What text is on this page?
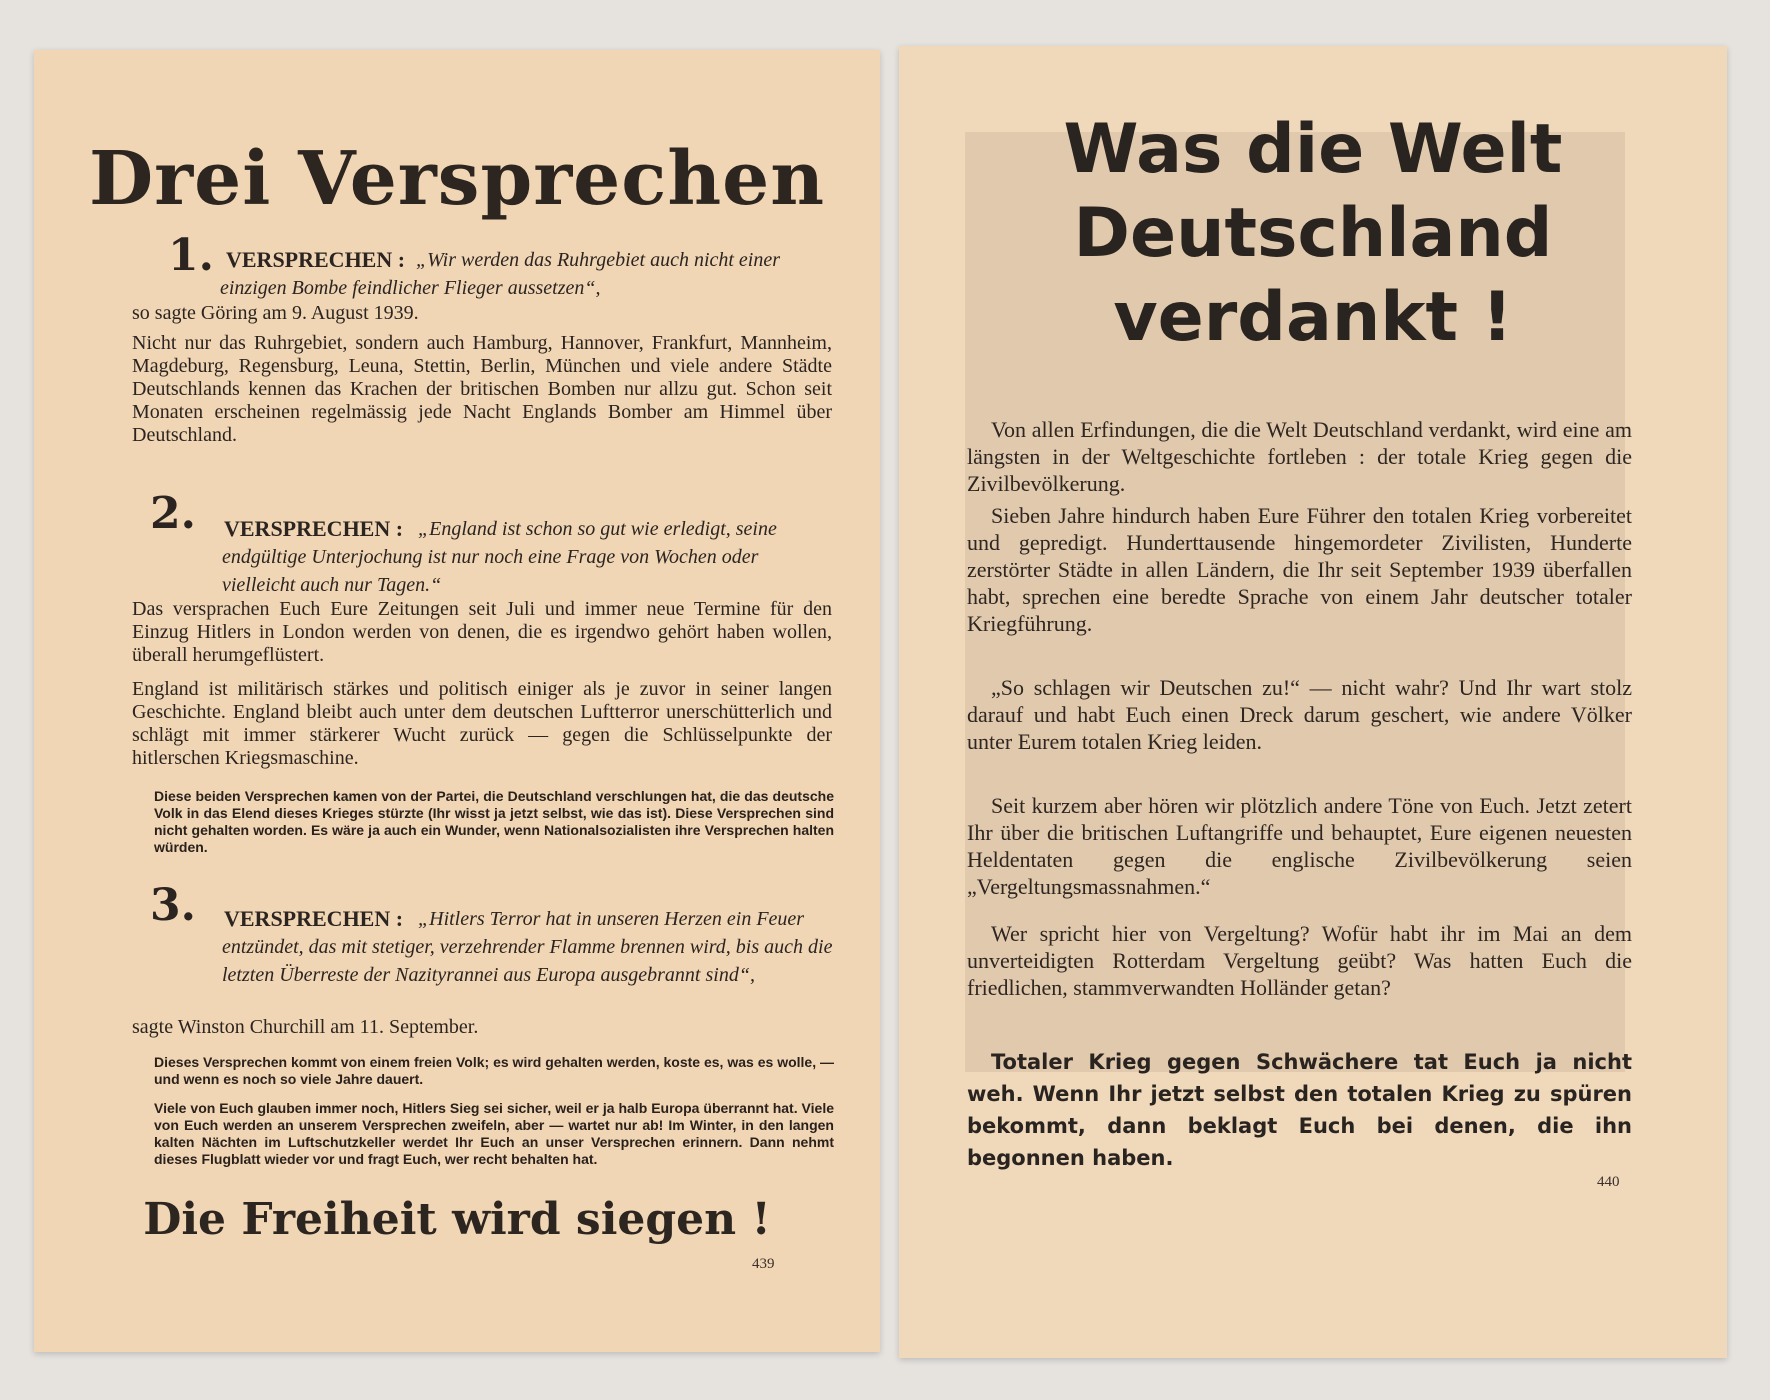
Drei Versprechen
1. VERSPRECHEN : „Wir werden das Ruhrgebiet auch nicht einer einzigen Bombe feindlicher Flieger aussetzen“,
so sagte Göring am 9. August 1939.
Nicht nur das Ruhrgebiet, sondern auch Hamburg, Hannover, Frankfurt, Mannheim, Magdeburg, Regensburg, Leuna, Stettin, Berlin, München und viele andere Städte Deutschlands kennen das Krachen der britischen Bomben nur allzu gut. Schon seit Monaten erscheinen regelmässig jede Nacht Englands Bomber am Himmel über Deutschland.
2. VERSPRECHEN : „England ist schon so gut wie erledigt, seine endgültige Unterjochung ist nur noch eine Frage von Wochen oder vielleicht auch nur Tagen.“
Das versprachen Euch Eure Zeitungen seit Juli und immer neue Termine für den Einzug Hitlers in London werden von denen, die es irgendwo gehört haben wollen, überall herumgeflüstert.
England ist militärisch stärkes und politisch einiger als je zuvor in seiner langen Geschichte. England bleibt auch unter dem deutschen Luftterror unerschütterlich und schlägt mit immer stärkerer Wucht zurück — gegen die Schlüsselpunkte der hitlerschen Kriegsmaschine.
Diese beiden Versprechen kamen von der Partei, die Deutschland verschlungen hat, die das deutsche Volk in das Elend dieses Krieges stürzte (Ihr wisst ja jetzt selbst, wie das ist). Diese Versprechen sind nicht gehalten worden. Es wäre ja auch ein Wunder, wenn Nationalsozialisten ihre Versprechen halten würden.
3. VERSPRECHEN : „Hitlers Terror hat in unseren Herzen ein Feuer entzündet, das mit stetiger, verzehrender Flamme brennen wird, bis auch die letzten Überreste der Nazityrannei aus Europa ausgebrannt sind“,
sagte Winston Churchill am 11. September.
Dieses Versprechen kommt von einem freien Volk; es wird gehalten werden, koste es, was es wolle, — und wenn es noch so viele Jahre dauert.
Viele von Euch glauben immer noch, Hitlers Sieg sei sicher, weil er ja halb Europa überrannt hat. Viele von Euch werden an unserem Versprechen zweifeln, aber — wartet nur ab! Im Winter, in den langen kalten Nächten im Luftschutzkeller werdet Ihr Euch an unser Versprechen erinnern. Dann nehmt dieses Flugblatt wieder vor und fragt Euch, wer recht behalten hat.
Die Freiheit wird siegen !
439
Was die Welt
Deutschland
verdankt !
Von allen Erfindungen, die die Welt Deutschland verdankt, wird eine am längsten in der Weltgeschichte fortleben : der totale Krieg gegen die Zivilbevölkerung.
Sieben Jahre hindurch haben Eure Führer den totalen Krieg vorbereitet und gepredigt. Hunderttausende hingemordeter Zivilisten, Hunderte zerstörter Städte in allen Ländern, die Ihr seit September 1939 überfallen habt, sprechen eine beredte Sprache von einem Jahr deutscher totaler Kriegführung.
„So schlagen wir Deutschen zu!“ — nicht wahr? Und Ihr wart stolz darauf und habt Euch einen Dreck darum geschert, wie andere Völker unter Eurem totalen Krieg leiden.
Seit kurzem aber hören wir plötzlich andere Töne von Euch. Jetzt zetert Ihr über die britischen Luftangriffe und behauptet, Eure eigenen neuesten Heldentaten gegen die englische Zivilbevölkerung seien „Vergeltungsmassnahmen.“
Wer spricht hier von Vergeltung? Wofür habt ihr im Mai an dem unverteidigten Rotterdam Vergeltung geübt? Was hatten Euch die friedlichen, stammverwandten Holländer getan?
Totaler Krieg gegen Schwächere tat Euch ja nicht weh. Wenn Ihr jetzt selbst den totalen Krieg zu spüren bekommt, dann beklagt Euch bei denen, die ihn begonnen haben.
440
